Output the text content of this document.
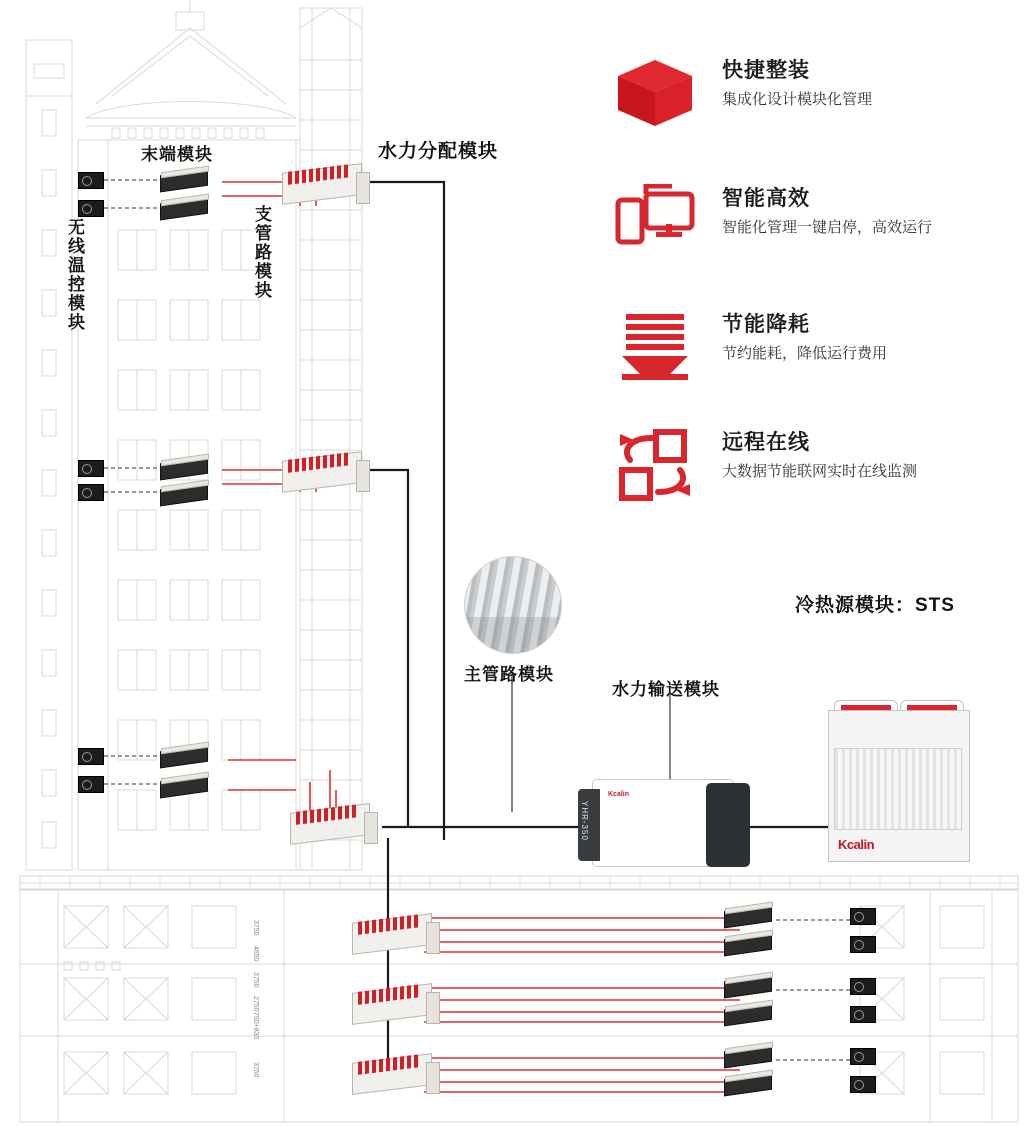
末端模块	水力分配模块
无线温控模块	支管路模块
主管路模块
水力输送模块
冷热源模块：STS
Kcalin
YHR-350
Kcalin
3750
4650
3750
2750
750+835
3750
快捷整装
集成化设计模块化管理
智能高效
智能化管理一键启停，高效运行
节能降耗
节约能耗，降低运行费用
远程在线
大数据节能联网实时在线监测
